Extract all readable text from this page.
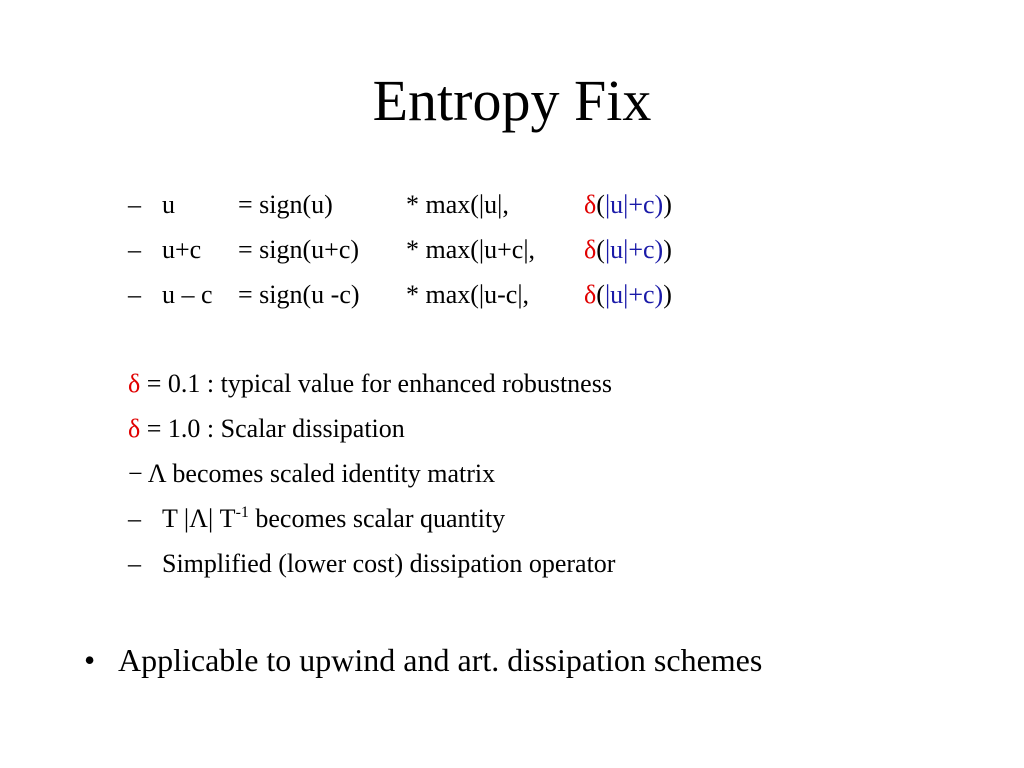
Entropy Fix
– u = sign(u)	* max(|u|,	δ(|u|+c))
– u+c = sign(u+c) * max(|u+c|, δ(|u|+c))
– u – c = sign(u -c) * max(|u-c|, δ(|u|+c))
δ = 0.1 : typical value for enhanced robustness
δ = 1.0 : Scalar dissipation
− Λ becomes scaled identity matrix
– T |Λ| $T^{-1}$ becomes scalar quantity
– Simplified (lower cost) dissipation operator
• Applicable to upwind and art. dissipation schemes
